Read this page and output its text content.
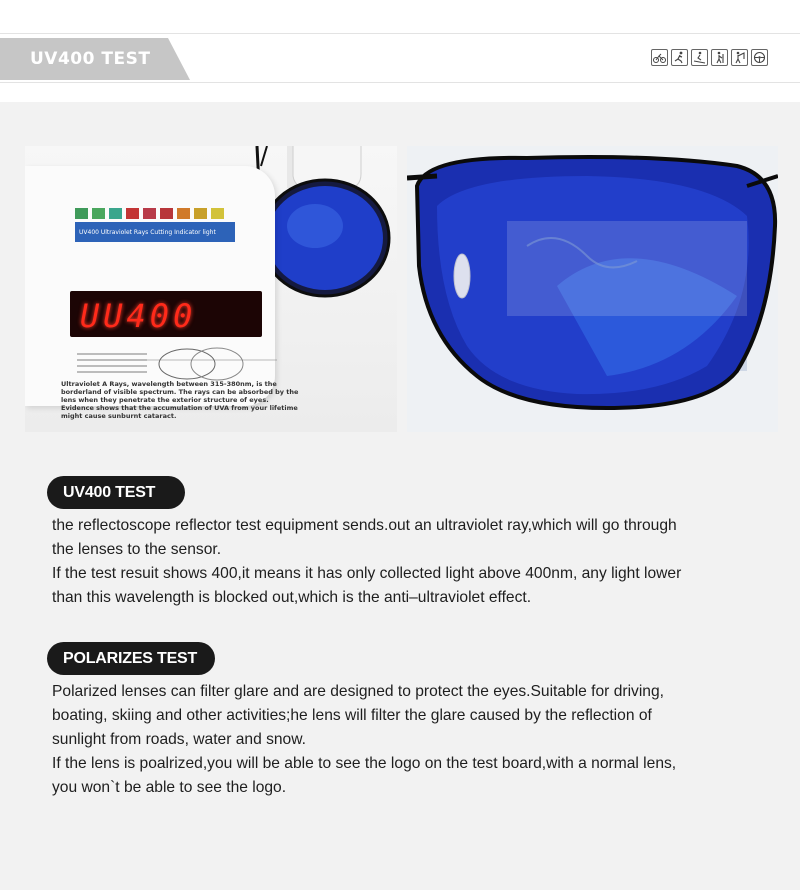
UV400 TEST
UV400 Ultraviolet Rays Cutting Indicator light
UU400
Ultraviolet A Rays, wavelength between 315-380nm, is the borderland of visible spectrum. The rays can be absorbed by the lens when they penetrate the exterior structure of eyes. Evidence shows that the accumulation of UVA from your lifetime might cause sunburnt cataract.
UV400 TEST

the reflectoscope reflector test equipment sends.out an ultraviolet ray,which will go through

the lenses to the sensor.

If the test resuit shows 400,it means it has only collected light above 400nm, any light lower

than this wavelength is blocked out,which is the anti–ultraviolet effect.

POLARIZES TEST

Polarized lenses can filter glare and are designed to protect the eyes.Suitable for driving,

boating, skiing and other activities;he lens will filter the glare caused by the reflection of

sunlight from roads, water and snow.

If the lens is poalrized,you will be able to see the logo on the test board,with a normal lens,

you won`t be able to see the logo.
